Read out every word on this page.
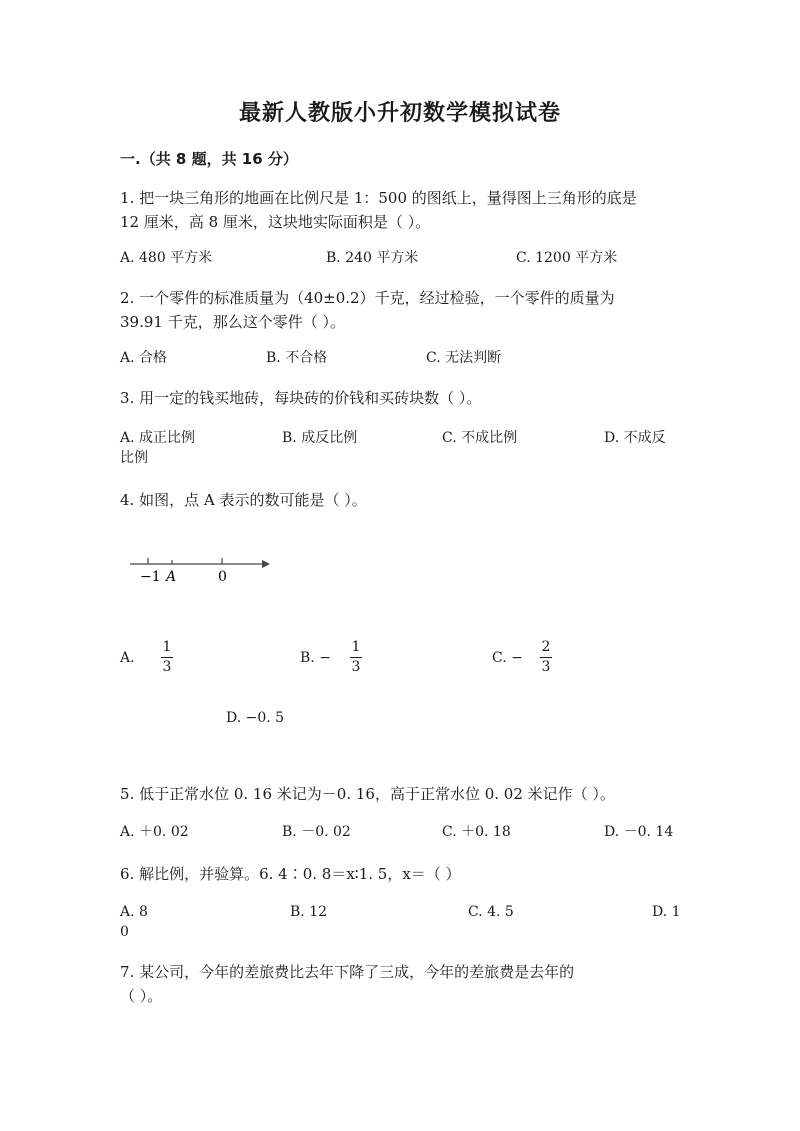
最新人教版小升初数学模拟试卷
一.（共 8 题，共 16 分）
1. 把一块三角形的地画在比例尺是 1：500 的图纸上，量得图上三角形的底是
12 厘米，高 8 厘米，这块地实际面积是（ ）。
A. 480 平方米	B. 240 平方米	C. 1200 平方米
2. 一个零件的标准质量为（40±0.2）千克，经过检验，一个零件的质量为
39.91 千克，那么这个零件（ ）。
A. 合格	B. 不合格	C. 无法判断
3. 用一定的钱买地砖，每块砖的价钱和买砖块数（ ）。
A. 成正比例	B. 成反比例	C. 不成比例	D. 不成反
比例
4. 如图，点 A 表示的数可能是（ ）。
−1 A	0
A.
1
3
B. −
1
3
C. −
2
3
D. −0. 5
5. 低于正常水位 0. 16 米记为－0. 16，高于正常水位 0. 02 米记作（ ）。
A. ＋0. 02	B. －0. 02	C. ＋0. 18	D. －0. 14
6. 解比例，并验算。6. 4∶0. 8＝x∶1. 5，x＝（ ）
A. 8	B. 12	C. 4. 5	D. 1
0
7. 某公司，今年的差旅费比去年下降了三成，今年的差旅费是去年的
（ ）。
